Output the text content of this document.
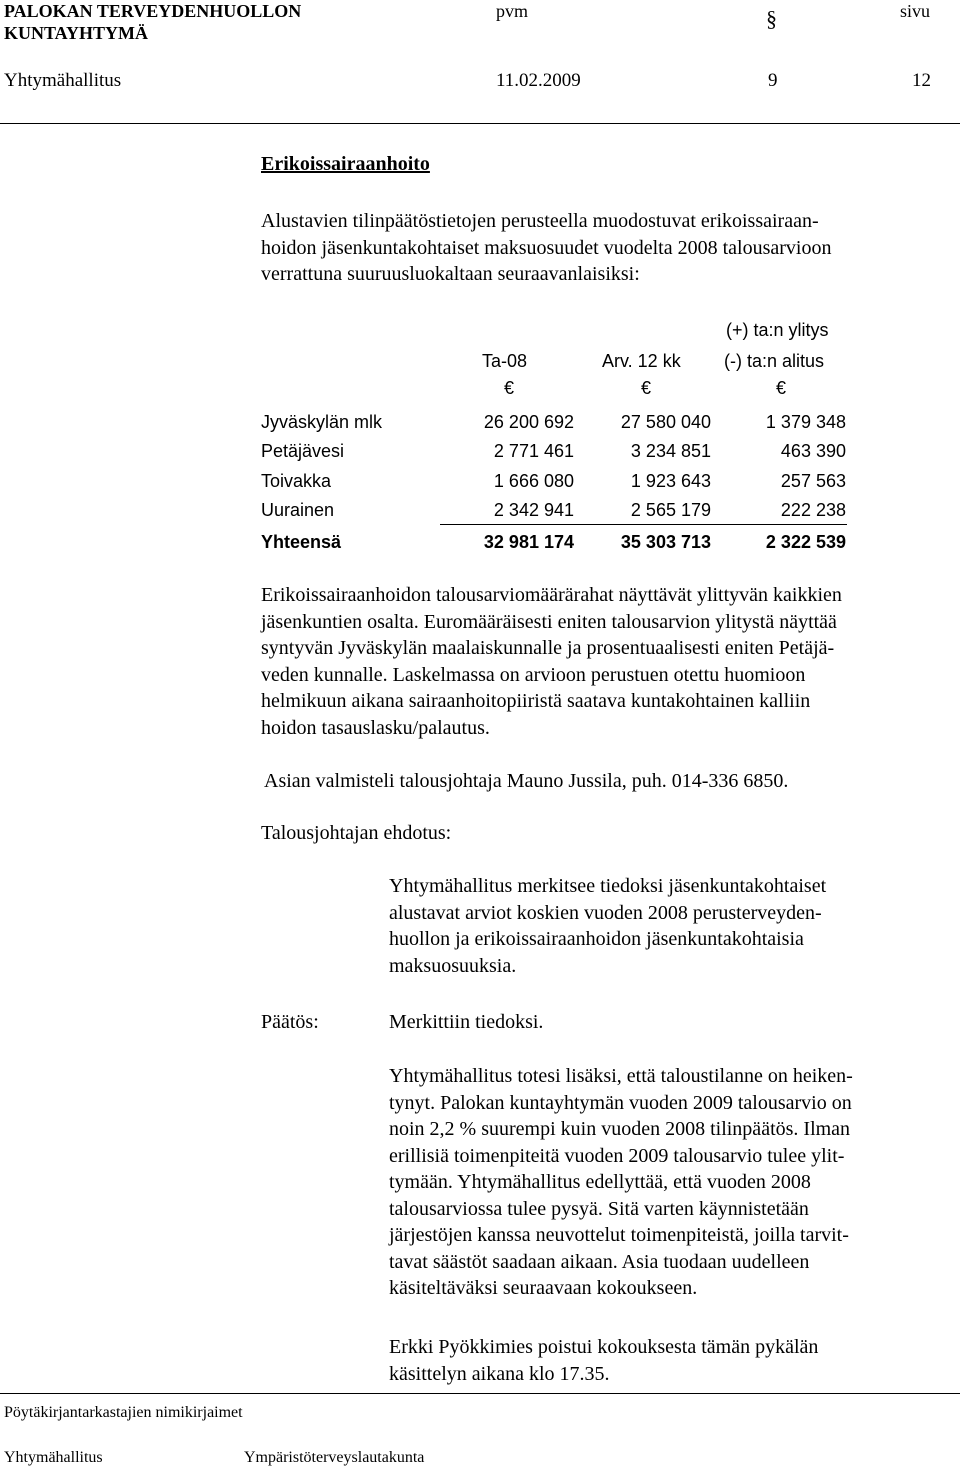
PALOKAN TERVEYDENHUOLLON
KUNTAYHTYMÄ
pvm	sivu
§
Yhtymähallitus	11.02.2009	9	12
Erikoissairaanhoito

Alustavien tilinpäätöstietojen perusteella muodostuvat erikoissairaan-

hoidon jäsenkuntakohtaiset maksuosuudet vuodelta 2008 talousarvioon

verrattuna suuruusluokaltaan seuraavanlaisiksi:

(+) ta:n ylitys
Ta-08	Arv. 12 kk (-) ta:n alitus
€	€	€
Jyväskylän mlk	26 200 692	27 580 040	1 379 348
Petäjävesi	2 771 461	3 234 851	463 390
Toivakka	1 666 080	1 923 643	257 563
Uurainen	2 342 941	2 565 179	222 238
Yhteensä	32 981 174	35 303 713	2 322 539

Erikoissairaanhoidon talousarviomäärärahat näyttävät ylittyvän kaikkien

jäsenkuntien osalta. Euromääräisesti eniten talousarvion ylitystä näyttää

syntyvän Jyväskylän maalaiskunnalle ja prosentuaalisesti eniten Petäjä-

veden kunnalle. Laskelmassa on arvioon perustuen otettu huomioon

helmikuun aikana sairaanhoitopiiristä saatava kuntakohtainen kalliin

hoidon tasauslasku/palautus.

Asian valmisteli talousjohtaja Mauno Jussila, puh. 014-336 6850.
Talousjohtajan ehdotus:

Yhtymähallitus merkitsee tiedoksi jäsenkuntakohtaiset

alustavat arviot koskien vuoden 2008 perusterveyden-

huollon ja erikoissairaanhoidon jäsenkuntakohtaisia

maksuosuuksia.

Päätös:	Merkittiin tiedoksi.

Yhtymähallitus totesi lisäksi, että taloustilanne on heiken-

tynyt. Palokan kuntayhtymän vuoden 2009 talousarvio on

noin 2,2 % suurempi kuin vuoden 2008 tilinpäätös. Ilman

erillisiä toimenpiteitä vuoden 2009 talousarvio tulee ylit-

tymään. Yhtymähallitus edellyttää, että vuoden 2008

talousarviossa tulee pysyä. Sitä varten käynnistetään

järjestöjen kanssa neuvottelut toimenpiteistä, joilla tarvit-

tavat säästöt saadaan aikaan. Asia tuodaan uudelleen

käsiteltäväksi seuraavaan kokoukseen.

Erkki Pyökkimies poistui kokouksesta tämän pykälän

käsittelyn aikana klo 17.35.

Pöytäkirjantarkastajien nimikirjaimet
Yhtymähallitus	Ympäristöterveyslautakunta
